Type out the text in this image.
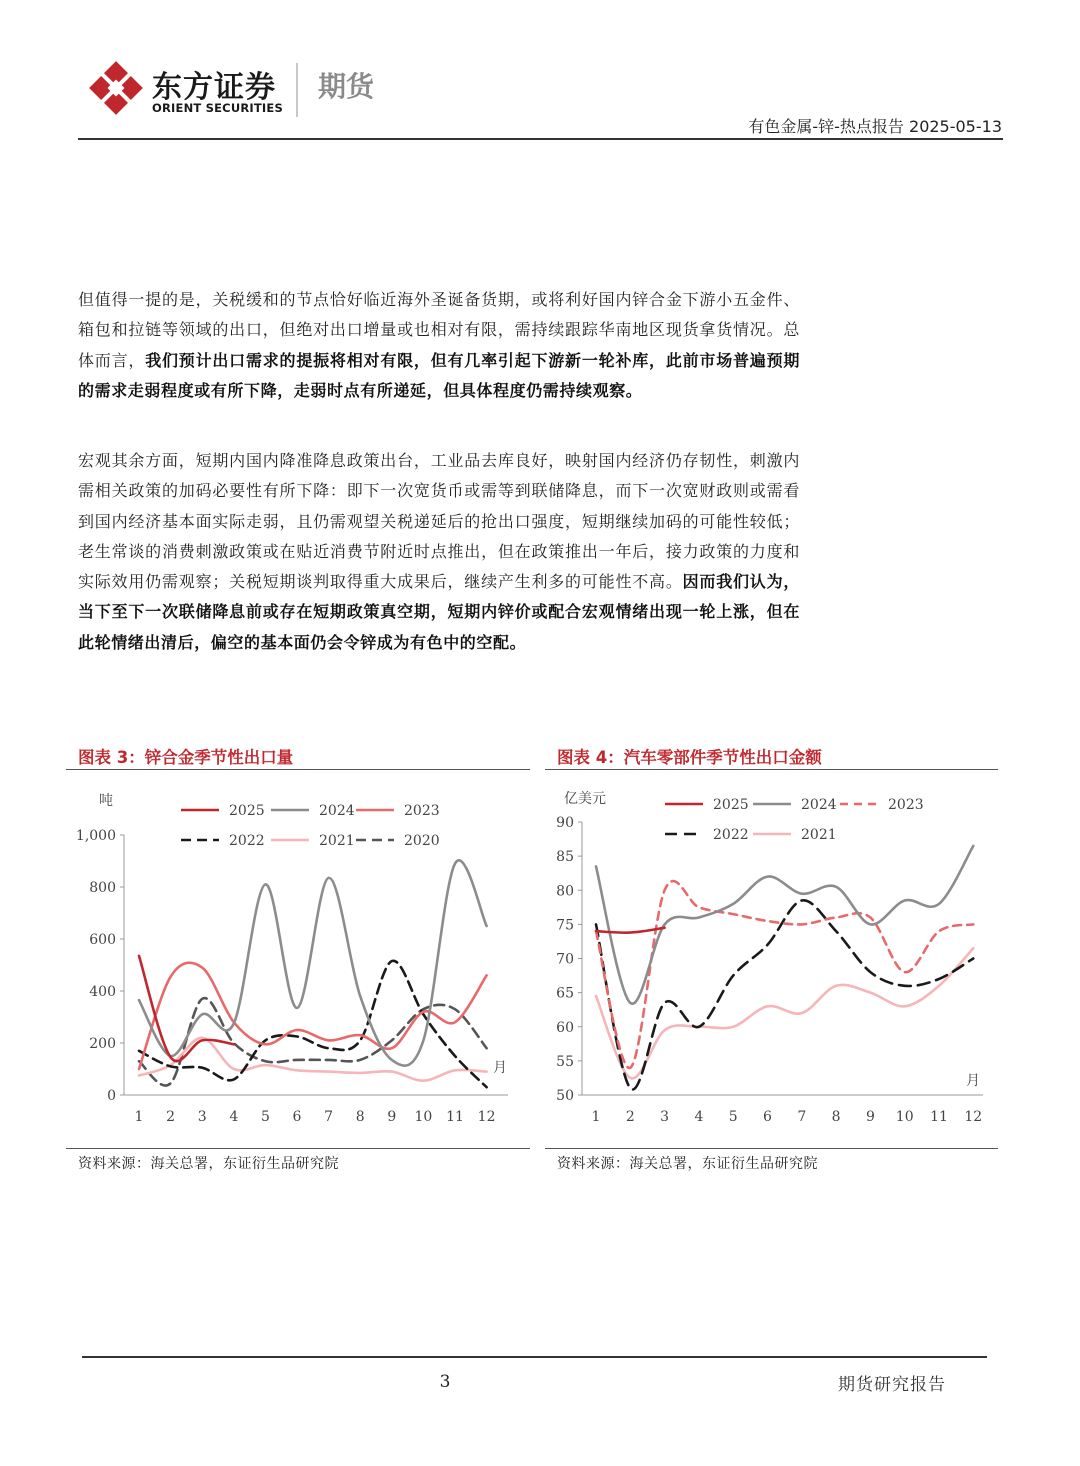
东方证券
ORIENT SECURITIES
期货
有色金属-锌-热点报告 2025-05-13
但值得一提的是，关税缓和的节点恰好临近海外圣诞备货期，或将利好国内锌合金下游小五金件、箱包和拉链等领域的出口，但绝对出口增量或也相对有限，需持续跟踪华南地区现货拿货情况。总体而言，我们预计出口需求的提振将相对有限，但有几率引起下游新一轮补库，此前市场普遍预期的需求走弱程度或有所下降，走弱时点有所递延，但具体程度仍需持续观察。
宏观其余方面，短期内国内降准降息政策出台，工业品去库良好，映射国内经济仍存韧性，刺激内需相关政策的加码必要性有所下降：即下一次宽货币或需等到联储降息，而下一次宽财政则或需看到国内经济基本面实际走弱，且仍需观望关税递延后的抢出口强度，短期继续加码的可能性较低；老生常谈的消费刺激政策或在贴近消费节附近时点推出，但在政策推出一年后，接力政策的力度和实际效用仍需观察；关税短期谈判取得重大成果后，继续产生利多的可能性不高。因而我们认为，当下至下一次联储降息前或存在短期政策真空期，短期内锌价或配合宏观情绪出现一轮上涨，但在此轮情绪出清后，偏空的基本面仍会令锌成为有色中的空配。
图表 3：锌合金季节性出口量
0
200
400
600
800
1,000
1 2 3 4 5 6 7 8 9 10 11 12
吨
月
2025	2024	2023
2022	2021	2020
资料来源：海关总署，东证衍生品研究院
图表 4：汽车零部件季节性出口金额
50
55
60
65
70
75
80
85
90
1 2 3 4 5 6 7 8 9 10 11 12
亿美元
月
2025	2024	2023
2022	2021
资料来源：海关总署，东证衍生品研究院
3	期货研究报告
